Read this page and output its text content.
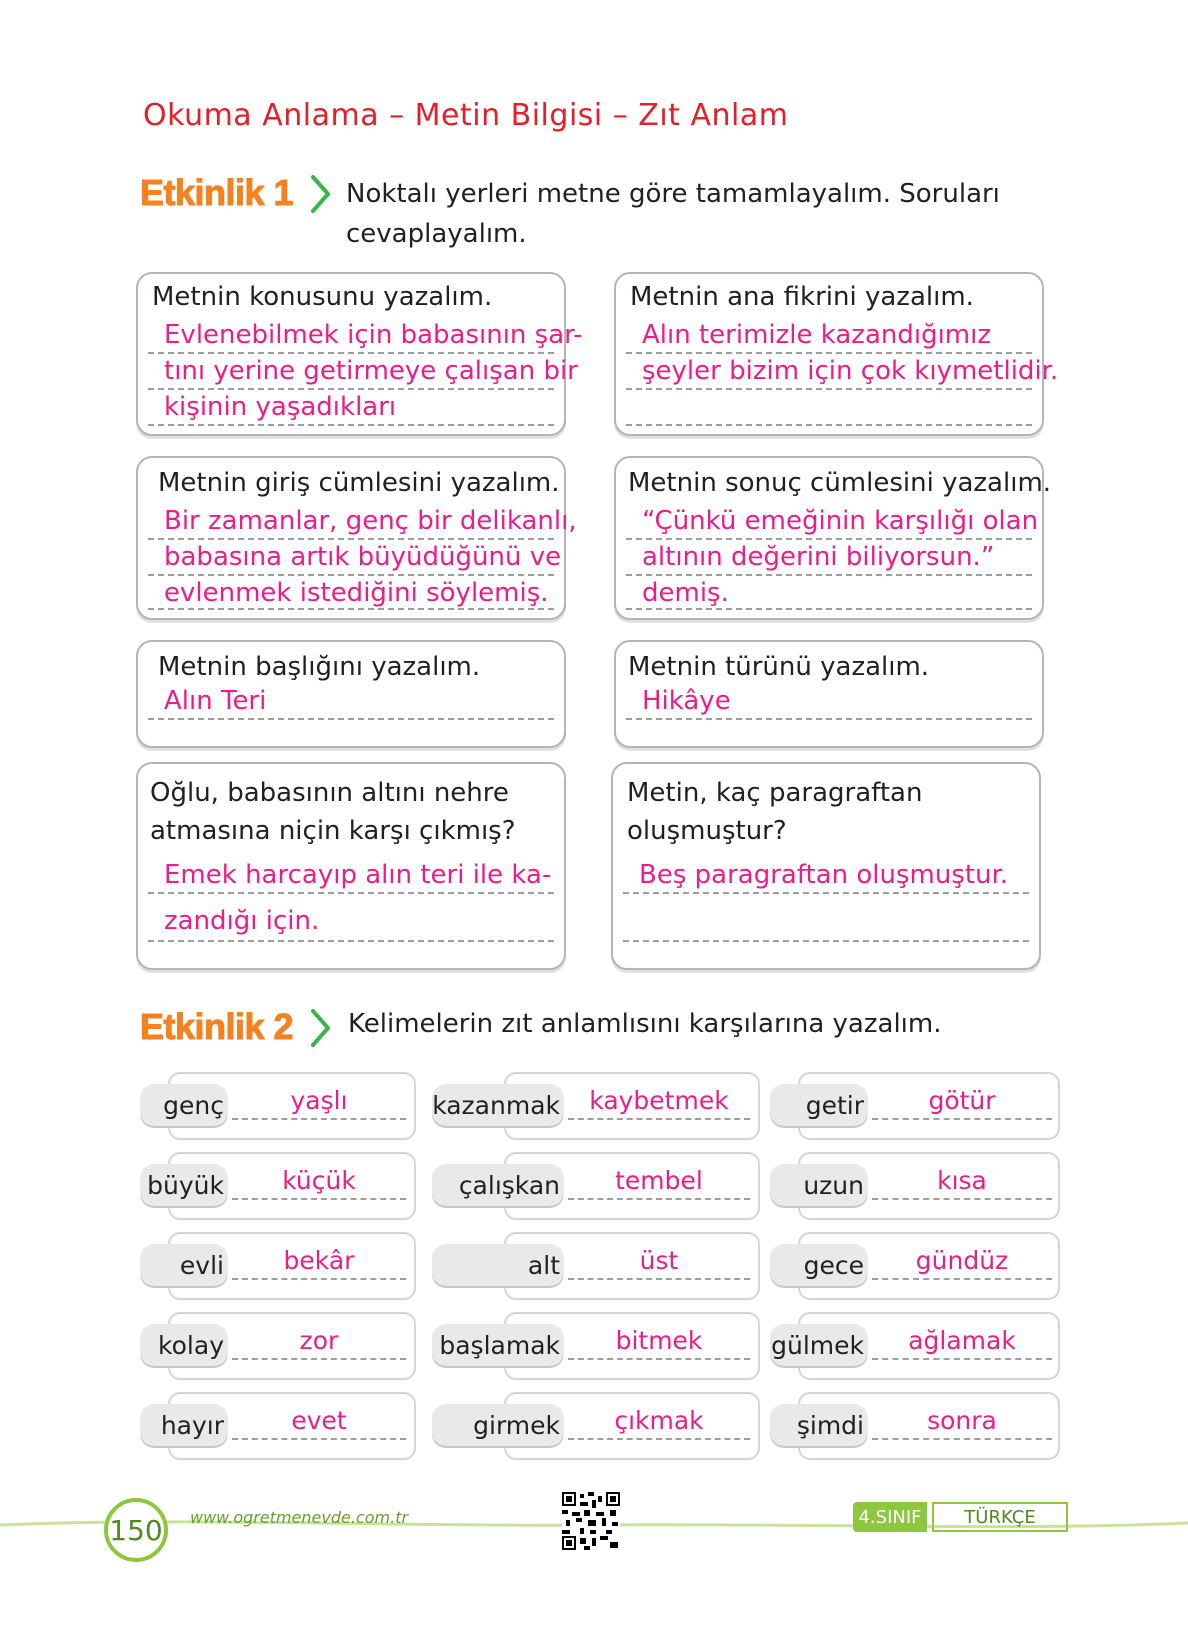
Okuma Anlama – Metin Bilgisi – Zıt Anlam
Etkinlik 1 Noktalı yerleri metne göre tamamlayalım. Soruları
cevaplayalım.
Metnin konusunu yazalım.
Evlenebilmek için babasının şar-
tını yerine getirmeye çalışan bir
kişinin yaşadıkları
Metnin ana fikrini yazalım.
Alın terimizle kazandığımız
şeyler bizim için çok kıymetlidir.
Metnin giriş cümlesini yazalım.
Bir zamanlar, genç bir delikanlı,
babasına artık büyüdüğünü ve
evlenmek istediğini söylemiş.
Metnin sonuç cümlesini yazalım.
“Çünkü emeğinin karşılığı olan
altının değerini biliyorsun.”
demiş.
Metnin başlığını yazalım.
Alın Teri
Metnin türünü yazalım.
Hikâye
Oğlu, babasının altını nehre
atmasına niçin karşı çıkmış?
Emek harcayıp alın teri ile ka-
zandığı için.
Metin, kaç paragraftan
oluşmuştur?
Beş paragraftan oluşmuştur.
Etkinlik 2 Kelimelerin zıt anlamlısını karşılarına yazalım.
genç	yaşlı
büyük	küçük
evli	bekâr
kolay	zor
hayır	evet
kazanmak	kaybetmek
çalışkan	tembel
alt	üst
başlamak	bitmek
girmek	çıkmak
getir	götür
uzun	kısa
gece	gündüz
gülmek	ağlamak
şimdi	sonra
150	www.ogretmenevde.com.tr	4.SINIF	TÜRKÇE
